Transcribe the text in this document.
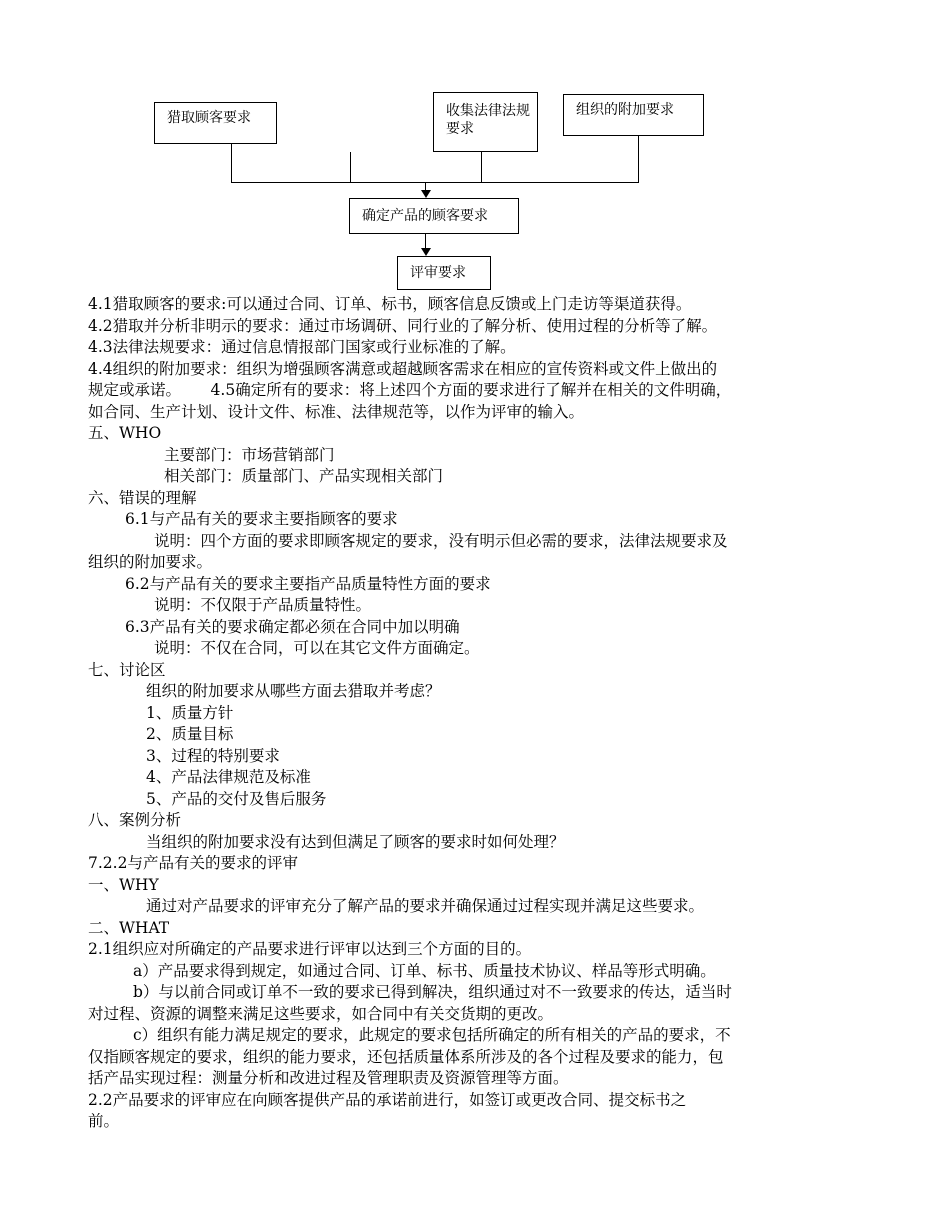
猎取顾客要求	收集法律法规要求
组织的附加要求
确定产品的顾客要求
评审要求

4.1猎取顾客的要求:可以通过合同、订单、标书，顾客信息反馈或上门走访等渠道获得。

4.2猎取并分析非明示的要求：通过市场调研、同行业的了解分析、使用过程的分析等了解。

4.3法律法规要求：通过信息情报部门国家或行业标准的了解。

4.4组织的附加要求：组织为增强顾客满意或超越顾客需求在相应的宣传资料或文件上做出的

规定或承诺。      4.5确定所有的要求：将上述四个方面的要求进行了解并在相关的文件明确，

如合同、生产计划、设计文件、标准、法律规范等，以作为评审的输入。

五、WHO

主要部门：市场营销部门

相关部门：质量部门、产品实现相关部门

六、错误的理解

6.1与产品有关的要求主要指顾客的要求

说明：四个方面的要求即顾客规定的要求，没有明示但必需的要求，法律法规要求及

组织的附加要求。

6.2与产品有关的要求主要指产品质量特性方面的要求

说明：不仅限于产品质量特性。

6.3产品有关的要求确定都必须在合同中加以明确

说明：不仅在合同，可以在其它文件方面确定。

七、讨论区

组织的附加要求从哪些方面去猎取并考虑？

1、质量方针

2、质量目标

3、过程的特别要求

4、产品法律规范及标准

5、产品的交付及售后服务

八、案例分析

当组织的附加要求没有达到但满足了顾客的要求时如何处理？

7.2.2与产品有关的要求的评审

一、WHY

通过对产品要求的评审充分了解产品的要求并确保通过过程实现并满足这些要求。

二、WHAT

2.1组织应对所确定的产品要求进行评审以达到三个方面的目的。

a）产品要求得到规定，如通过合同、订单、标书、质量技术协议、样品等形式明确。

b）与以前合同或订单不一致的要求已得到解决，组织通过对不一致要求的传达，适当时

对过程、资源的调整来满足这些要求，如合同中有关交货期的更改。

c）组织有能力满足规定的要求，此规定的要求包括所确定的所有相关的产品的要求，不

仅指顾客规定的要求，组织的能力要求，还包括质量体系所涉及的各个过程及要求的能力，包

括产品实现过程：测量分析和改进过程及管理职责及资源管理等方面。

2.2产品要求的评审应在向顾客提供产品的承诺前进行，如签订或更改合同、提交标书之

前。
